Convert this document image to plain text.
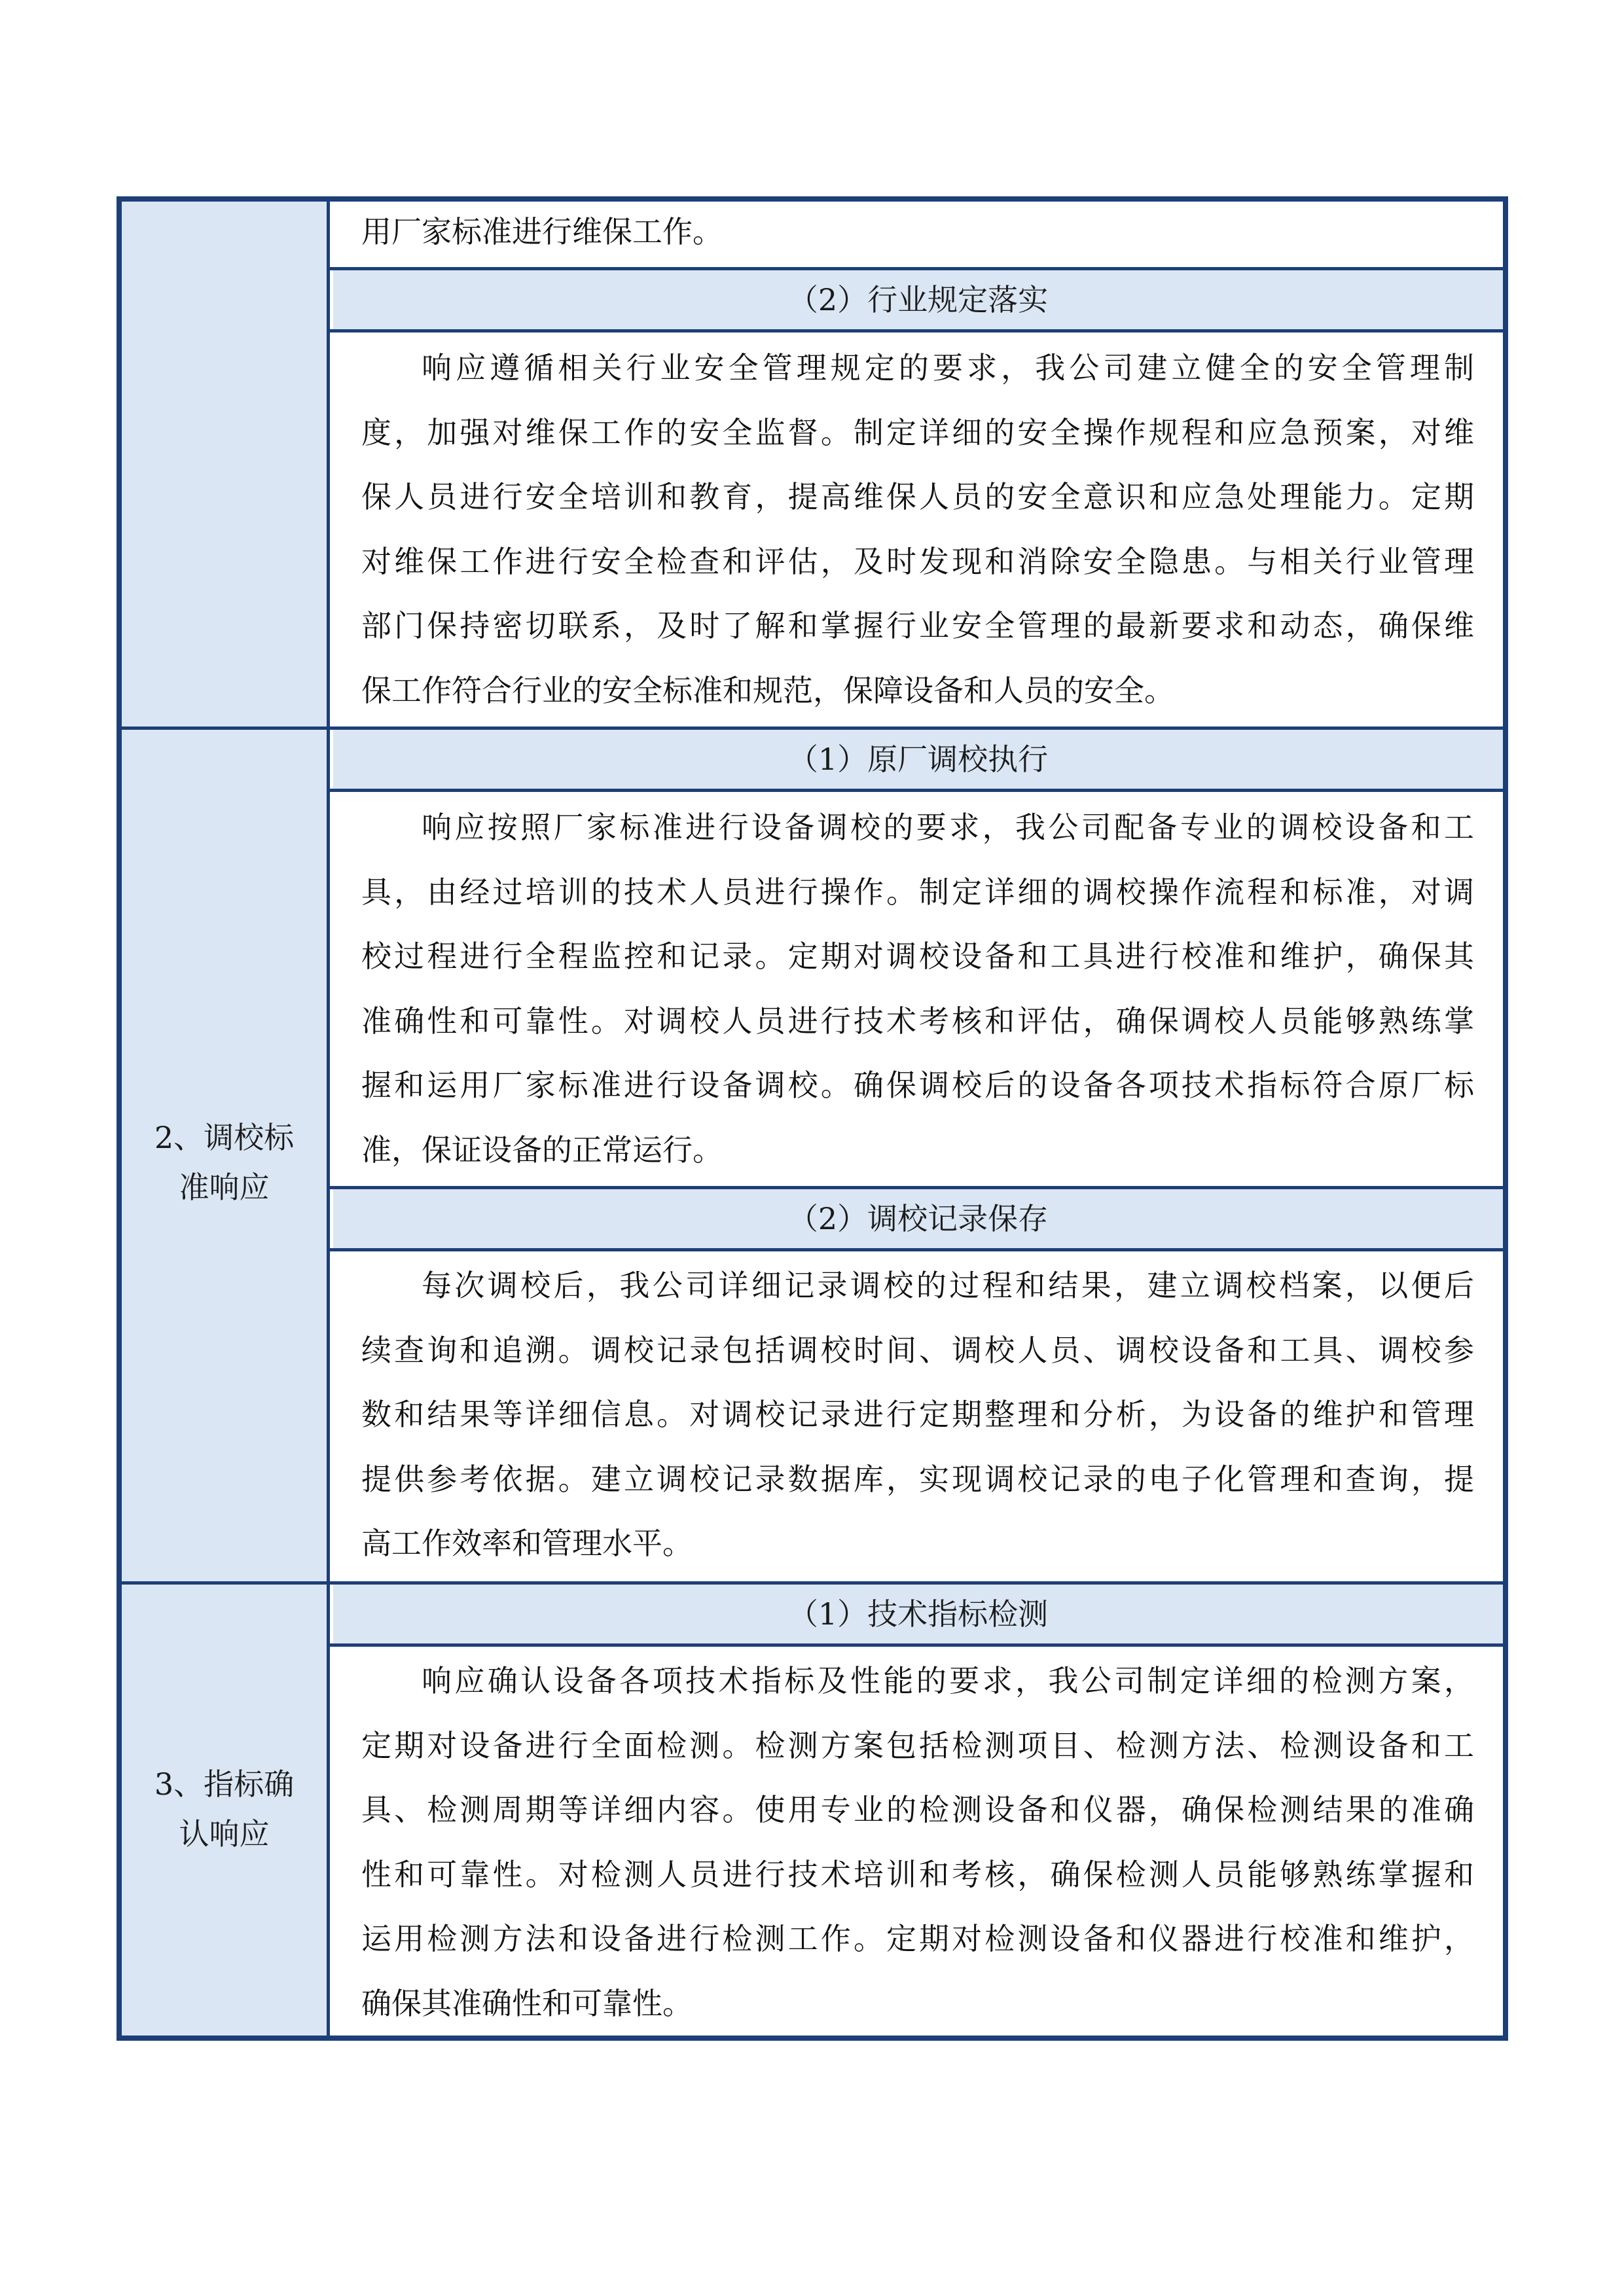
（2）行业规定落实
用厂家标准进行维保工作。
响应遵循相关行业安全管理规定的要求，我公司建立健全的安全管理制
度，加强对维保工作的安全监督。制定详细的安全操作规程和应急预案，对维
保人员进行安全培训和教育，提高维保人员的安全意识和应急处理能力。定期
对维保工作进行安全检查和评估，及时发现和消除安全隐患。与相关行业管理
部门保持密切联系，及时了解和掌握行业安全管理的最新要求和动态，确保维
保工作符合行业的安全标准和规范，保障设备和人员的安全。
（1）原厂调校执行
响应按照厂家标准进行设备调校的要求，我公司配备专业的调校设备和工
具，由经过培训的技术人员进行操作。制定详细的调校操作流程和标准，对调
校过程进行全程监控和记录。定期对调校设备和工具进行校准和维护，确保其
准确性和可靠性。对调校人员进行技术考核和评估，确保调校人员能够熟练掌
握和运用厂家标准进行设备调校。确保调校后的设备各项技术指标符合原厂标
准，保证设备的正常运行。
2、调校标
准响应
（2）调校记录保存
每次调校后，我公司详细记录调校的过程和结果，建立调校档案，以便后
续查询和追溯。调校记录包括调校时间、调校人员、调校设备和工具、调校参
数和结果等详细信息。对调校记录进行定期整理和分析，为设备的维护和管理
提供参考依据。建立调校记录数据库，实现调校记录的电子化管理和查询，提
高工作效率和管理水平。
（1）技术指标检测
3、指标确
认响应
响应确认设备各项技术指标及性能的要求，我公司制定详细的检测方案，
定期对设备进行全面检测。检测方案包括检测项目、检测方法、检测设备和工
具、检测周期等详细内容。使用专业的检测设备和仪器，确保检测结果的准确
性和可靠性。对检测人员进行技术培训和考核，确保检测人员能够熟练掌握和
运用检测方法和设备进行检测工作。定期对检测设备和仪器进行校准和维护，
确保其准确性和可靠性。
